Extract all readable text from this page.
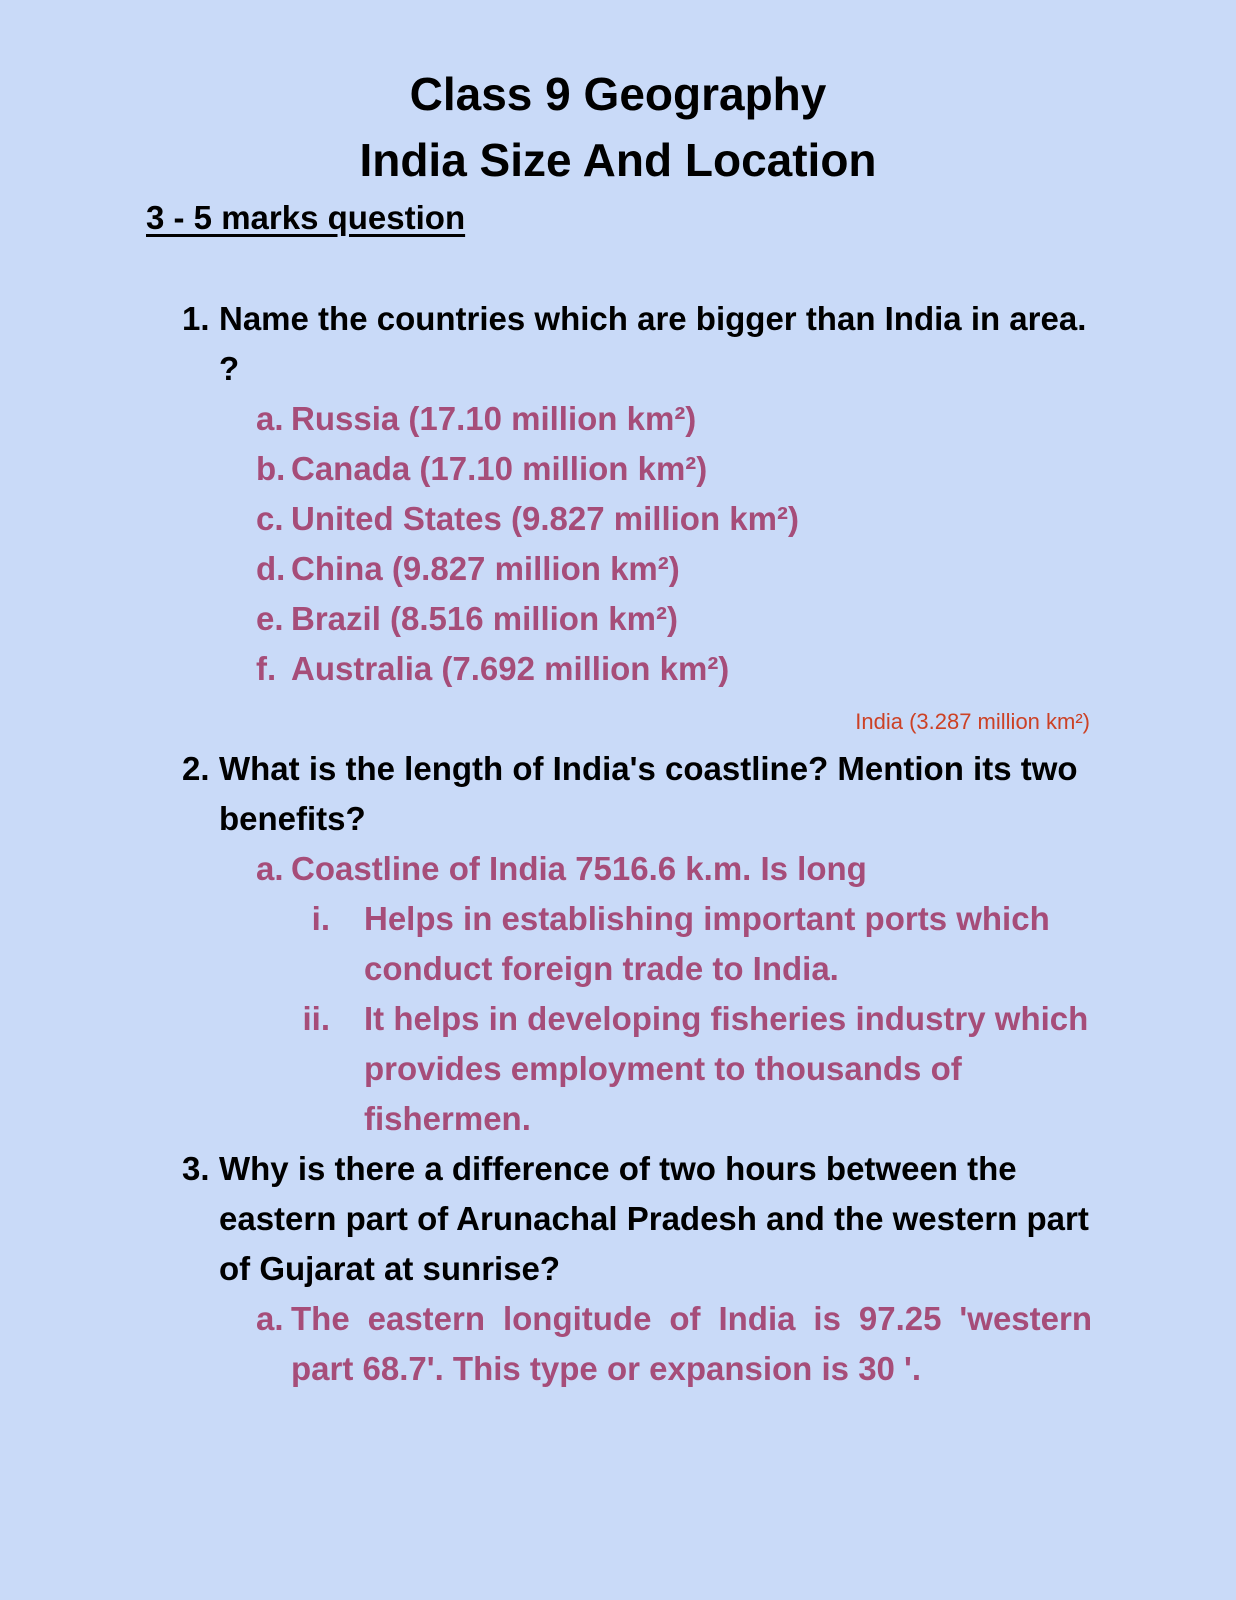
Class 9 Geography
India Size And Location
3 - 5 marks question
1. Name the countries which are bigger than India in area. ?
a. Russia (17.10 million km²)
b. Canada (17.10 million km²)
c. United States (9.827 million km²)
d. China (9.827 million km²)
e. Brazil (8.516 million km²)
f. Australia (7.692 million km²)
India (3.287 million km²)
2. What is the length of India's coastline? Mention its two benefits?
a. Coastline of India 7516.6 k.m. Is long
i. Helps in establishing important ports which conduct foreign trade to India.
ii. It helps in developing fisheries industry which provides employment to thousands of fishermen.
3. Why is there a difference of two hours between the eastern part of Arunachal Pradesh and the western part of Gujarat at sunrise?
a. The eastern longitude of India is 97.25 'western part 68.7'. This type or expansion is 30 '.
